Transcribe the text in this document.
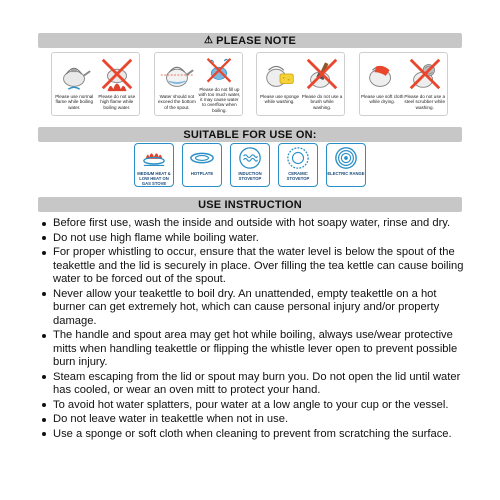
⚠ PLEASE NOTE
Please use normal flame while boiling water.
Please do not use high flame while boiling water.
Water should not exceed the bottom of the spout.
Please do not fill up with too much water, it may cause water to overflow when boiling.
Please use sponge while washing.
Please do not use a brush while washing.
Please use soft cloth while drying.
Please do not use a steel scrubber while washing.
SUITABLE FOR USE ON:
MEDIUM HEAT & LOW HEAT ON GAS STOVE
HOTPLATE	INDUCTION STOVETOP
CERAMIC STOVETOP
ELECTRIC RANGE
USE INSTRUCTION
Before first use, wash the inside and outside with hot soapy water, rinse and dry.
Do not use high flame while boiling water.
For proper whistling to occur, ensure that the water level is below the spout of the teakettle and the lid is securely in place. Over filling the tea kettle can cause boiling water to be forced out of the spout.
Never allow your teakettle to boil dry. An unattended, empty teakettle on a hot burner can get extremely hot, which can cause personal injury and/or property damage.
The handle and spout area may get hot while boiling, always use/wear protective mitts when handling teakettle or flipping the whistle lever open to prevent possible burn injury.
Steam escaping from the lid or spout may burn you. Do not open the lid until water has cooled, or wear an oven mitt to protect your hand.
To avoid hot water splatters, pour water at a low angle to your cup or the vessel.
Do not leave water in teakettle when not in use.
Use a sponge or soft cloth when cleaning to prevent from scratching the surface.
